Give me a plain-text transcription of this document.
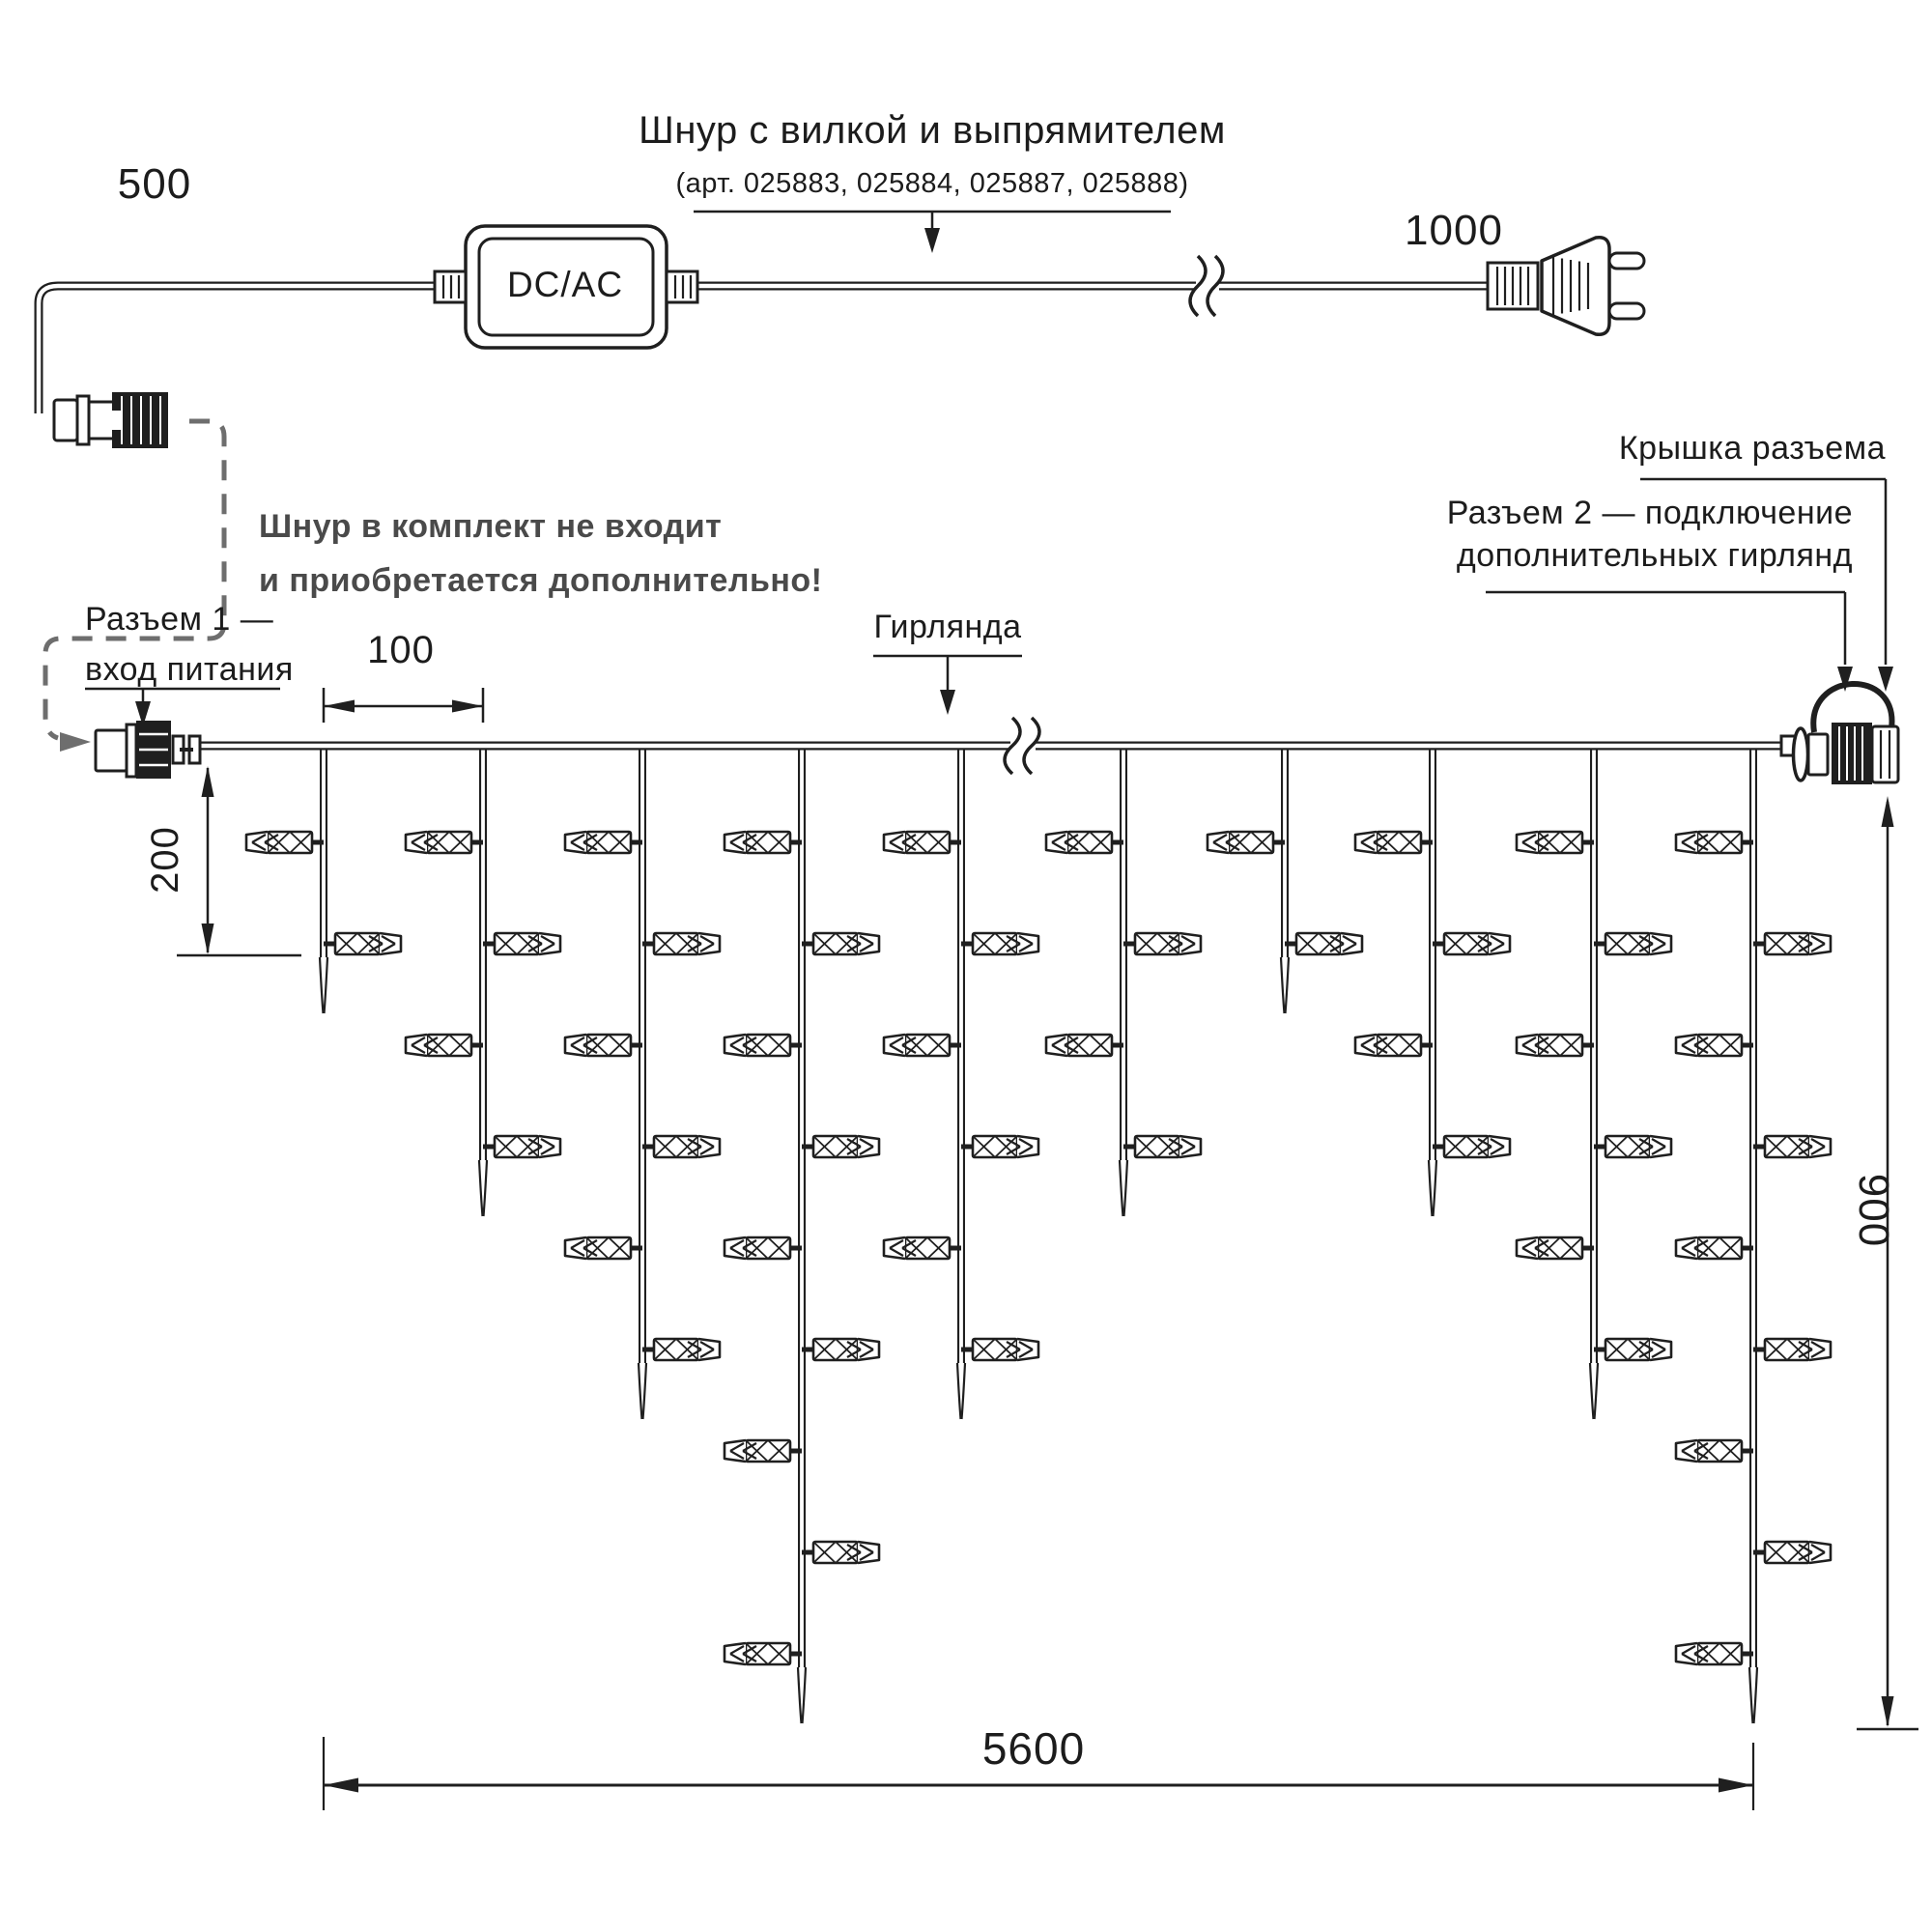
Шнур с вилкой и выпрямителем
(арт. 025883, 025884, 025887, 025888)
500
1000
DC/AC
Шнур в комплект не входит
и приобретается дополнительно!
Разъем 1 —
вход питания
Гирлянда
Крышка разъема
Разъем 2 — подключение
дополнительных гирлянд
100
200
900
5600
